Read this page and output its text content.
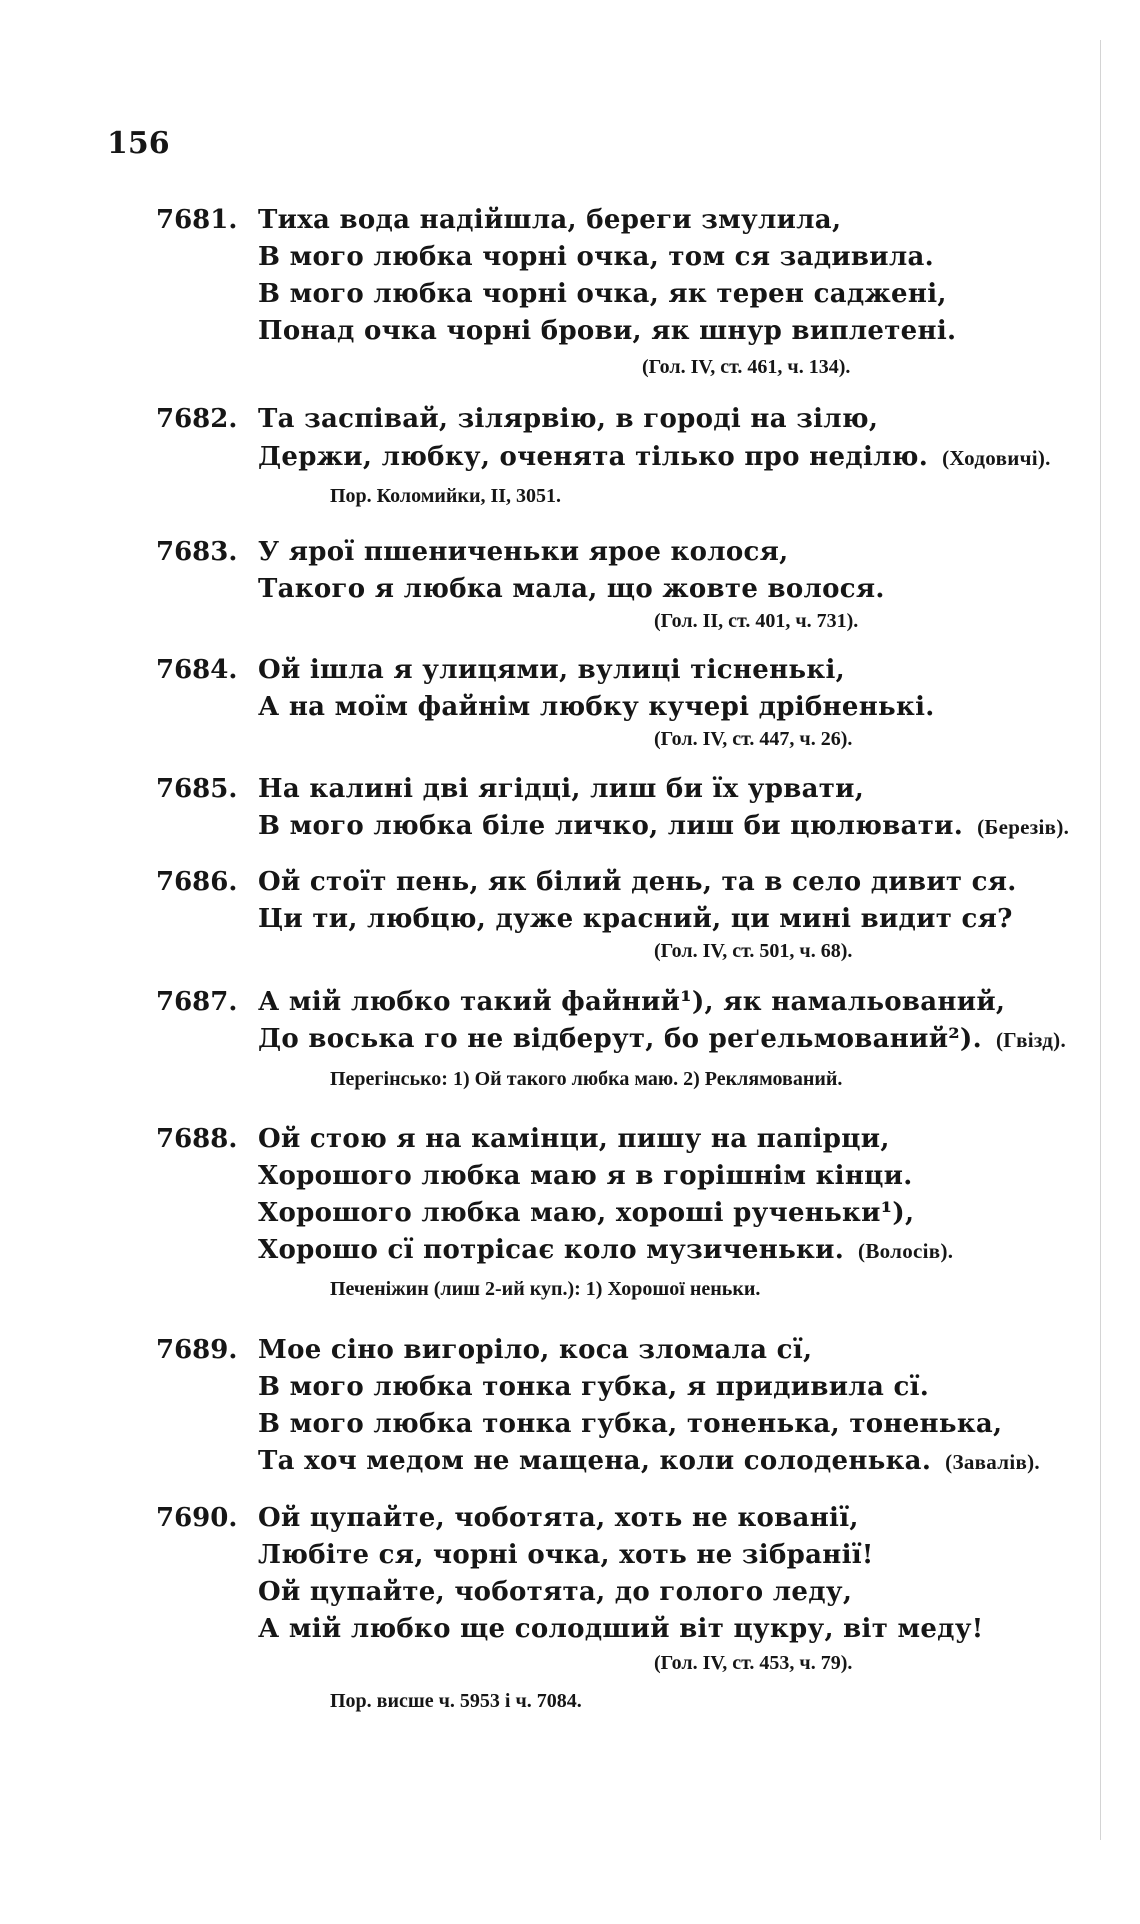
156
7681. Тиха вода надійшла, береги змулила,
В мого любка чорні очка, том ся задивила.
В мого любка чорні очка, як терен саджені,
Понад очка чорні брови, як шнур виплетені.
(Гол. IV, ст. 461, ч. 134).
7682. Та заспівай, зілярвію, в городі на зілю,
Держи, любку, оченята тілько про неділю. (Ходовичі).
Пор. Коломийки, II, 3051.
7683. У ярої пшениченьки ярое колося,
Такого я любка мала, що жовте волося.
(Гол. II, ст. 401, ч. 731).
7684. Ой ішла я улицями, вулиці тісненькі,
А на моїм файнім любку кучері дрібненькі.
(Гол. IV, ст. 447, ч. 26).
7685. На калині дві ягідці, лиш би їх урвати,
В мого любка біле личко, лиш би цюлювати. (Березів).
7686. Ой стоїт пень, як білий день, та в село дивит ся.
Ци ти, любцю, дуже красний, ци мині видит ся?
(Гол. IV, ст. 501, ч. 68).
7687. А мій любко такий файний¹), як намальований,
До воська го не відберут, бо реґельмований²). (Гвізд).
Перегінсько: 1) Ой такого любка маю. 2) Реклямований.
7688. Ой стою я на камінци, пишу на папірци,
Хорошого любка маю я в горішнім кінци.
Хорошого любка маю, хороші рученьки¹),
Хорошо сї потрісає коло музиченьки. (Волосів).
Печеніжин (лиш 2-ий куп.): 1) Хорошої неньки.
7689. Мое сіно вигоріло, коса зломала сї,
В мого любка тонка губка, я придивила сї.
В мого любка тонка губка, тоненька, тоненька,
Та хоч медом не мащена, коли солоденька. (Завалів).
7690. Ой цупайте, чоботята, хоть не кованії,
Любіте ся, чорні очка, хоть не зібранії!
Ой цупайте, чоботята, до голого леду,
А мій любко ще солодший віт цукру, віт меду!
(Гол. IV, ст. 453, ч. 79).
Пор. висше ч. 5953 і ч. 7084.
